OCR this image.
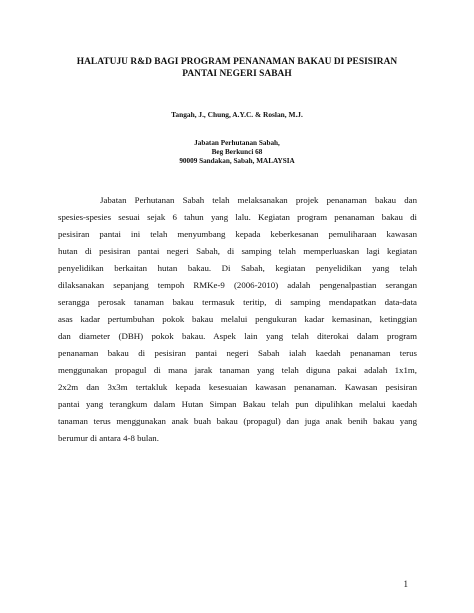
HALATUJU R&D BAGI PROGRAM PENANAMAN BAKAU DI PESISIRAN
PANTAI NEGERI SABAH
Tangah, J., Chung, A.Y.C. & Roslan, M.J.
Jabatan Perhutanan Sabah,
Beg Berkunci 68
90009 Sandakan, Sabah, MALAYSIA
Jabatan Perhutanan Sabah telah melaksanakan projek penanaman bakau dan
spesies-spesies sesuai sejak 6 tahun yang lalu. Kegiatan program penanaman bakau di
pesisiran pantai ini telah menyumbang kepada keberkesanan pemuliharaan kawasan
hutan di pesisiran pantai negeri Sabah, di samping telah memperluaskan lagi kegiatan
penyelidikan berkaitan hutan bakau. Di Sabah, kegiatan penyelidikan yang telah
dilaksanakan sepanjang tempoh RMKe-9 (2006-2010) adalah pengenalpastian serangan
serangga perosak tanaman bakau termasuk teritip, di samping mendapatkan data-data
asas kadar pertumbuhan pokok bakau melalui pengukuran kadar kemasinan, ketinggian
dan diameter (DBH) pokok bakau. Aspek lain yang telah diterokai dalam program
penanaman bakau di pesisiran pantai negeri Sabah ialah kaedah penanaman terus
menggunakan propagul di mana jarak tanaman yang telah diguna pakai adalah 1x1m,
2x2m dan 3x3m tertakluk kepada kesesuaian kawasan penanaman. Kawasan pesisiran
pantai yang terangkum dalam Hutan Simpan Bakau telah pun dipulihkan melalui kaedah
tanaman terus menggunakan anak buah bakau (propagul) dan juga anak benih bakau yang
berumur di antara 4-8 bulan.
1
